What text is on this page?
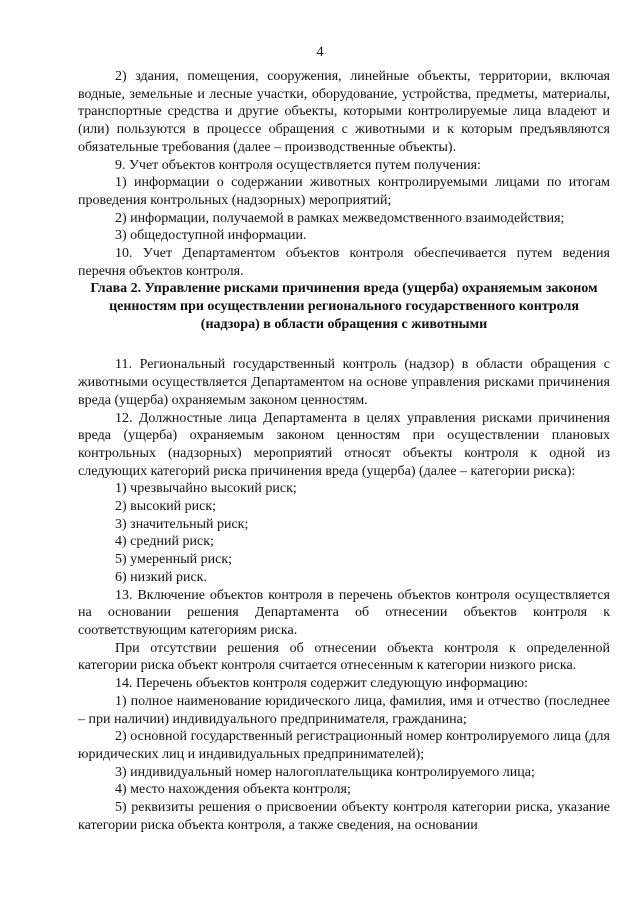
4

2) здания, помещения, сооружения, линейные объекты, территории, включая водные, земельные и лесные участки, оборудование, устройства, предметы, материалы, транспортные средства и другие объекты, которыми контролируемые лица владеют и (или) пользуются в процессе обращения с животными и к которым предъявляются обязательные требования (далее – производственные объекты).

9. Учет объектов контроля осуществляется путем получения:

1) информации о содержании животных контролируемыми лицами по итогам проведения контрольных (надзорных) мероприятий;

2) информации, получаемой в рамках межведомственного взаимодействия;

3) общедоступной информации.

10. Учет Департаментом объектов контроля обеспечивается путем ведения перечня объектов контроля.

Глава 2. Управление рисками причинения вреда (ущерба) охраняемым законом ценностям при осуществлении регионального государственного контроля (надзора) в области обращения с животными

11. Региональный государственный контроль (надзор) в области обращения с животными осуществляется Департаментом на основе управления рисками причинения вреда (ущерба) охраняемым законом ценностям.

12. Должностные лица Департамента в целях управления рисками причинения вреда (ущерба) охраняемым законом ценностям при осуществлении плановых контрольных (надзорных) мероприятий относят объекты контроля к одной из следующих категорий риска причинения вреда (ущерба) (далее – категории риска):

1) чрезвычайно высокий риск;

2) высокий риск;

3) значительный риск;

4) средний риск;

5) умеренный риск;

6) низкий риск.

13. Включение объектов контроля в перечень объектов контроля осуществляется на основании решения Департамента об отнесении объектов контроля к соответствующим категориям риска.

При отсутствии решения об отнесении объекта контроля к определенной категории риска объект контроля считается отнесенным к категории низкого риска.

14. Перечень объектов контроля содержит следующую информацию:

1) полное наименование юридического лица, фамилия, имя и отчество (последнее – при наличии) индивидуального предпринимателя, гражданина;

2) основной государственный регистрационный номер контролируемого лица (для юридических лиц и индивидуальных предпринимателей);

3) индивидуальный номер налогоплательщика контролируемого лица;

4) место нахождения объекта контроля;

5) реквизиты решения о присвоении объекту контроля категории риска, указание категории риска объекта контроля, а также сведения, на основании
